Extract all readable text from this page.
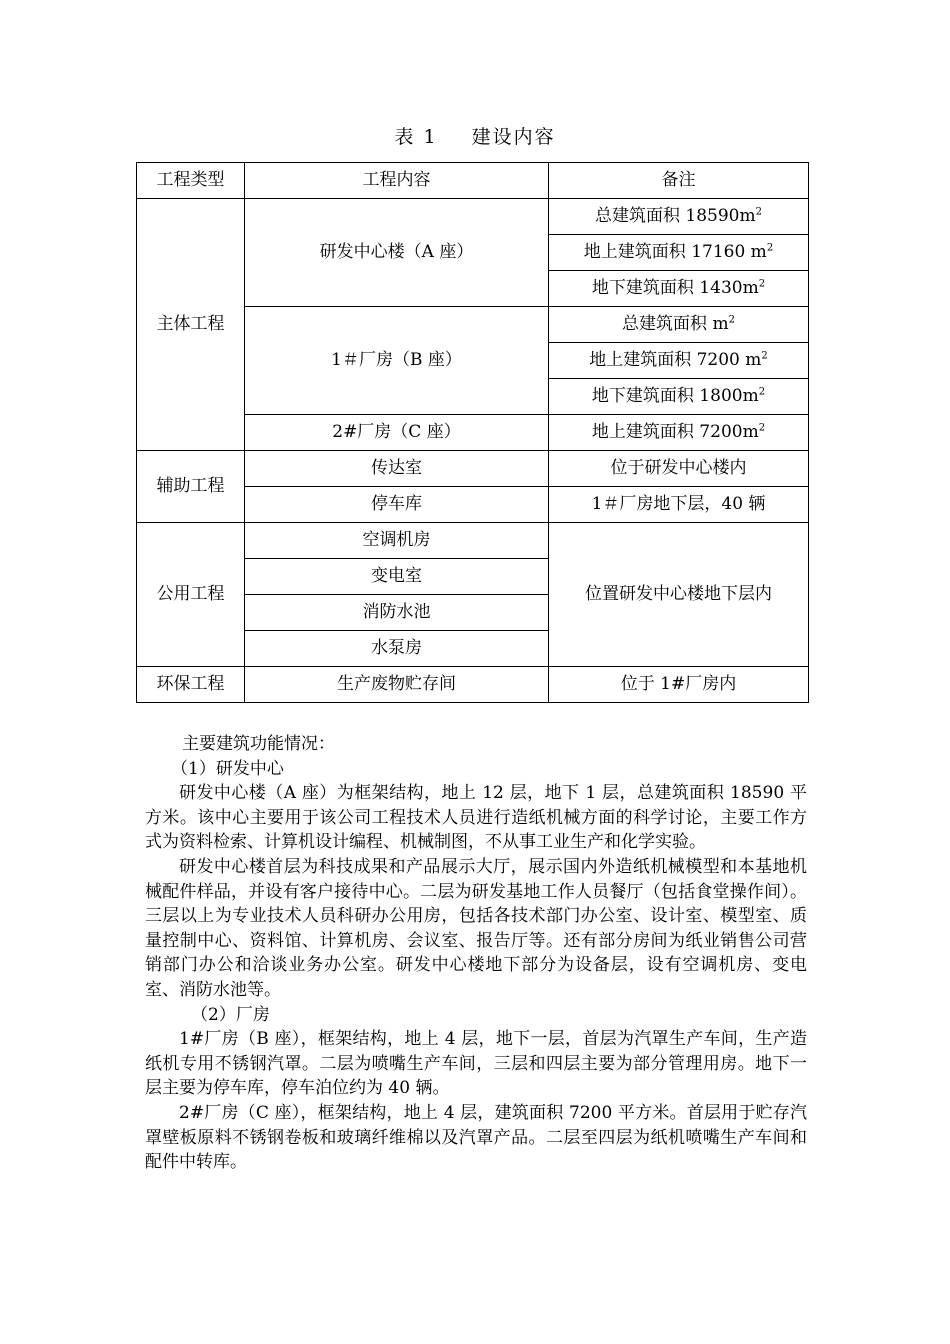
表 1 建设内容
工程类型	工程内容	备注
主体工程	研发中心楼（A 座）	总建筑面积 $18590m^2$
		地上建筑面积 17160 $m^2$
		地下建筑面积 $1430m^2$
	1＃厂房（B 座）	总建筑面积 $m^2$
		地上建筑面积 7200 $m^2$
		地下建筑面积 $1800m^2$
	2#厂房（C 座）	地上建筑面积 $7200m^2$
辅助工程	传达室	位于研发中心楼内
	停车库	1＃厂房地下层，40 辆
公用工程	空调机房	位置研发中心楼地下层内
	变电室	
	消防水池	
	水泵房	
环保工程	生产废物贮存间	位于 1#厂房内

主要建筑功能情况：

（1）研发中心

研发中心楼（A 座）为框架结构，地上 12 层，地下 1 层，总建筑面积 18590 平方米。该中心主要用于该公司工程技术人员进行造纸机械方面的科学讨论，主要工作方式为资料检索、计算机设计编程、机械制图，不从事工业生产和化学实验。

研发中心楼首层为科技成果和产品展示大厅，展示国内外造纸机械模型和本基地机械配件样品，并设有客户接待中心。二层为研发基地工作人员餐厅（包括食堂操作间）。三层以上为专业技术人员科研办公用房，包括各技术部门办公室、设计室、模型室、质量控制中心、资料馆、计算机房、会议室、报告厅等。还有部分房间为纸业销售公司营销部门办公和洽谈业务办公室。研发中心楼地下部分为设备层，设有空调机房、变电室、消防水池等。

（2）厂房

1#厂房（B 座），框架结构，地上 4 层，地下一层，首层为汽罩生产车间，生产造纸机专用不锈钢汽罩。二层为喷嘴生产车间，三层和四层主要为部分管理用房。地下一层主要为停车库，停车泊位约为 40 辆。

2#厂房（C 座），框架结构，地上 4 层，建筑面积 7200 平方米。首层用于贮存汽罩壁板原料不锈钢卷板和玻璃纤维棉以及汽罩产品。二层至四层为纸机喷嘴生产车间和配件中转库。
